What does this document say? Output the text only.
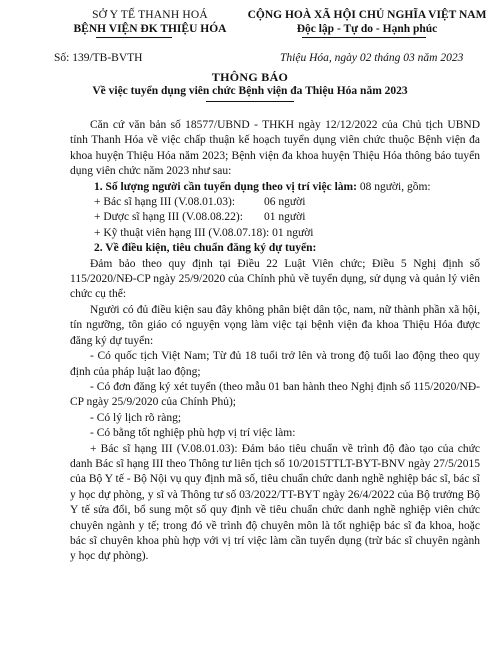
SỞ Y TẾ THANH HOÁ
BỆNH VIỆN ĐK THIỆU HÓA
CỘNG HOÀ XÃ HỘI CHỦ NGHĨA VIỆT NAM
Độc lập - Tự do - Hạnh phúc
Số: 139/TB-BVTH	Thiệu Hóa, ngày 02 tháng 03 năm 2023
THÔNG BÁO
Về việc tuyển dụng viên chức Bệnh viện đa Thiệu Hóa năm 2023

Căn cứ văn bản số 18577/UBND - THKH ngày 12/12/2022 của Chủ tịch UBND tỉnh Thanh Hóa về việc chấp thuận kế hoạch tuyển dụng viên chức thuộc Bệnh viện đa khoa huyện Thiệu Hóa năm 2023; Bệnh viện đa khoa huyện Thiệu Hóa thông báo tuyển dụng viên chức năm 2023 như sau:

1. Số lượng người cần tuyển dụng theo vị trí việc làm: 08 người, gồm:

+ Bác sĩ hạng III (V.08.01.03):	06 người

+ Dược sĩ hạng III (V.08.08.22): 01 người

+ Kỹ thuật viên hạng III (V.08.07.18): 01 người

2. Về điều kiện, tiêu chuẩn đăng ký dự tuyển:

Đảm bảo theo quy định tại Điều 22 Luật Viên chức; Điều 5 Nghị định số 115/2020/NĐ-CP ngày 25/9/2020 của Chính phủ về tuyển dụng, sử dụng và quản lý viên chức cụ thể:

Người có đủ điều kiện sau đây không phân biệt dân tộc, nam, nữ thành phần xã hội, tín ngưỡng, tôn giáo có nguyện vọng làm việc tại bệnh viện đa khoa Thiệu Hóa được đăng ký dự tuyển:

- Có quốc tịch Việt Nam; Từ đủ 18 tuổi trở lên và trong độ tuổi lao động theo quy định của pháp luật lao động;

- Có đơn đăng ký xét tuyển (theo mẫu 01 ban hành theo Nghị định số 115/2020/NĐ-CP ngày 25/9/2020 của Chính Phủ);

- Có lý lịch rõ ràng;

- Có bằng tốt nghiệp phù hợp vị trí việc làm:

+ Bác sĩ hạng III (V.08.01.03): Đảm bảo tiêu chuẩn về trình độ đào tạo của chức danh Bác sĩ hạng III theo Thông tư liên tịch số 10/2015TTLT-BYT-BNV ngày 27/5/2015 của Bộ Y tế - Bộ Nội vụ quy định mã số, tiêu chuẩn chức danh nghề nghiệp bác sĩ, bác sĩ y học dự phòng, y sĩ và Thông tư số 03/2022/TT-BYT ngày 26/4/2022 của Bộ trưởng Bộ Y tế sửa đổi, bổ sung một số quy định về tiêu chuẩn chức danh nghề nghiệp viên chức chuyên ngành y tế; trong đó về trình độ chuyên môn là tốt nghiệp bác sĩ đa khoa, hoặc bác sĩ chuyên khoa phù hợp với vị trí việc làm cần tuyển dụng (trừ bác sĩ chuyên ngành y học dự phòng).
